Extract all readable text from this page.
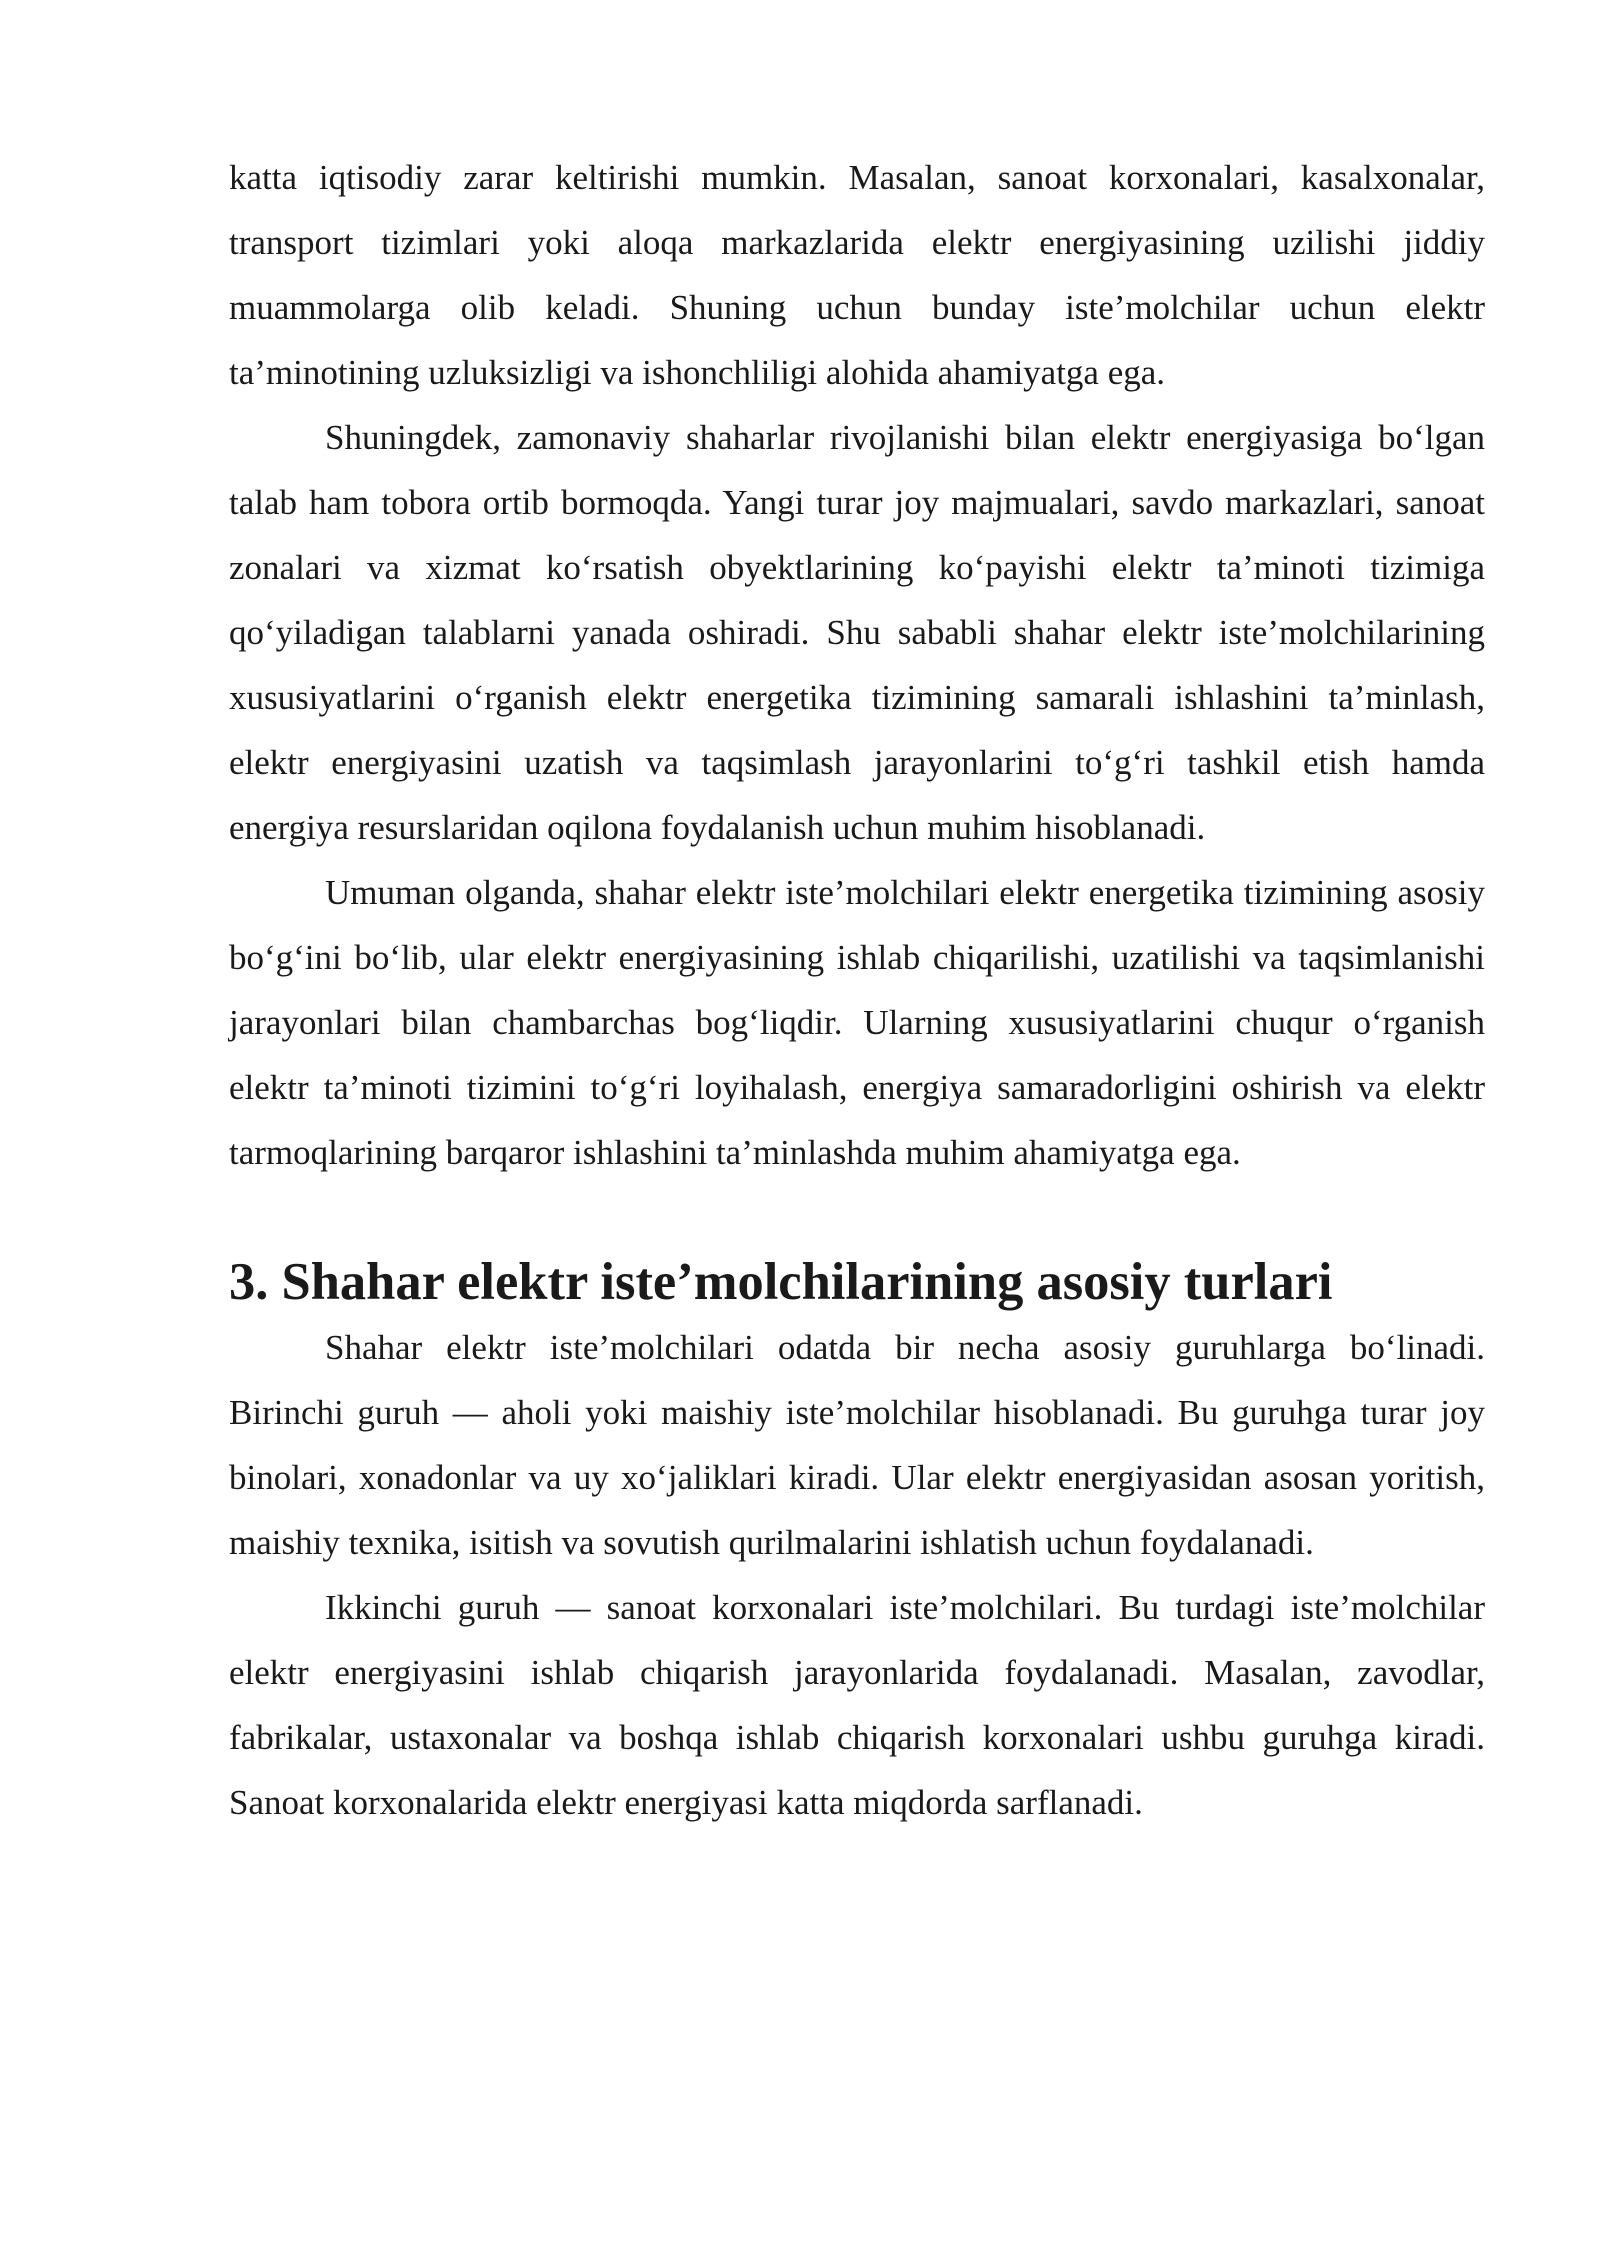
katta iqtisodiy zarar keltirishi mumkin. Masalan, sanoat korxonalari, kasalxonalar, transport tizimlari yoki aloqa markazlarida elektr energiyasining uzilishi jiddiy muammolarga olib keladi. Shuning uchun bunday iste’molchilar uchun elektr ta’minotining uzluksizligi va ishonchliligi alohida ahamiyatga ega.

Shuningdek, zamonaviy shaharlar rivojlanishi bilan elektr energiyasiga bo‘lgan talab ham tobora ortib bormoqda. Yangi turar joy majmualari, savdo markazlari, sanoat zonalari va xizmat ko‘rsatish obyektlarining ko‘payishi elektr ta’minoti tizimiga qo‘yiladigan talablarni yanada oshiradi. Shu sababli shahar elektr iste’molchilarining xususiyatlarini o‘rganish elektr energetika tizimining samarali ishlashini ta’minlash, elektr energiyasini uzatish va taqsimlash jarayonlarini to‘g‘ri tashkil etish hamda energiya resurslaridan oqilona foydalanish uchun muhim hisoblanadi.

Umuman olganda, shahar elektr iste’molchilari elektr energetika tizimining asosiy bo‘g‘ini bo‘lib, ular elektr energiyasining ishlab chiqarilishi, uzatilishi va taqsimlanishi jarayonlari bilan chambarchas bog‘liqdir. Ularning xususiyatlarini chuqur o‘rganish elektr ta’minoti tizimini to‘g‘ri loyihalash, energiya samaradorligini oshirish va elektr tarmoqlarining barqaror ishlashini ta’minlashda muhim ahamiyatga ega.

3. Shahar elektr iste’molchilarining asosiy turlari

Shahar elektr iste’molchilari odatda bir necha asosiy guruhlarga bo‘linadi. Birinchi guruh — aholi yoki maishiy iste’molchilar hisoblanadi. Bu guruhga turar joy binolari, xonadonlar va uy xo‘jaliklari kiradi. Ular elektr energiyasidan asosan yoritish, maishiy texnika, isitish va sovutish qurilmalarini ishlatish uchun foydalanadi.

Ikkinchi guruh — sanoat korxonalari iste’molchilari. Bu turdagi iste’molchilar elektr energiyasini ishlab chiqarish jarayonlarida foydalanadi. Masalan, zavodlar, fabrikalar, ustaxonalar va boshqa ishlab chiqarish korxonalari ushbu guruhga kiradi. Sanoat korxonalarida elektr energiyasi katta miqdorda sarflanadi.
